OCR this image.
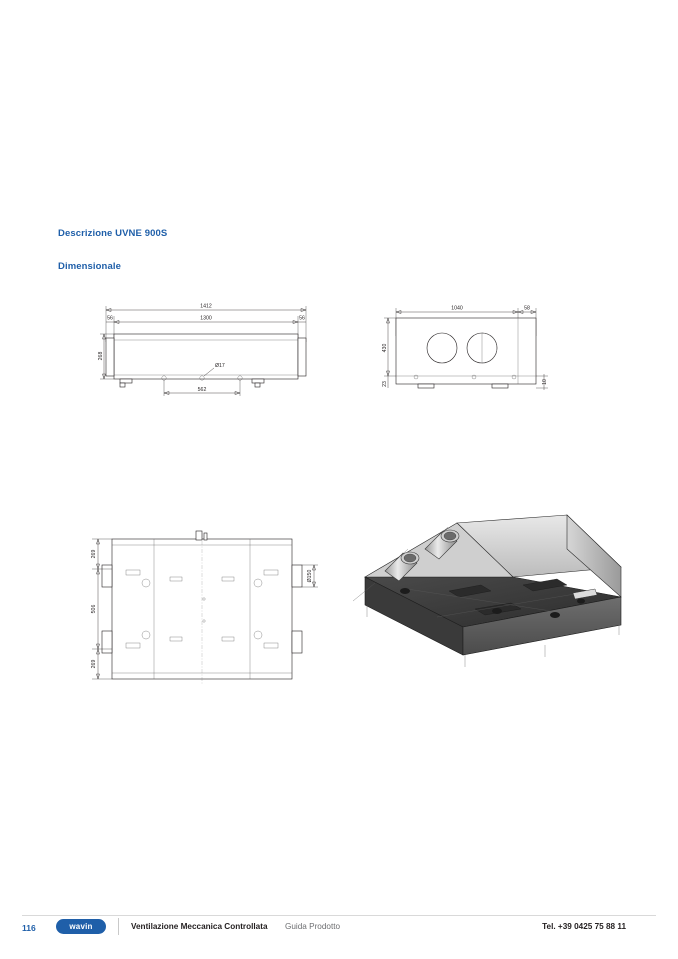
Descrizione UVNE 900S
Dimensionale
1412
1300
56	56
Ø17
562
268
1040	58
430
23	10
269
506
269
Ø150
116	wavin	Ventilazione Meccanica Controllata Guida Prodotto	Tel. +39 0425 75 88 11
